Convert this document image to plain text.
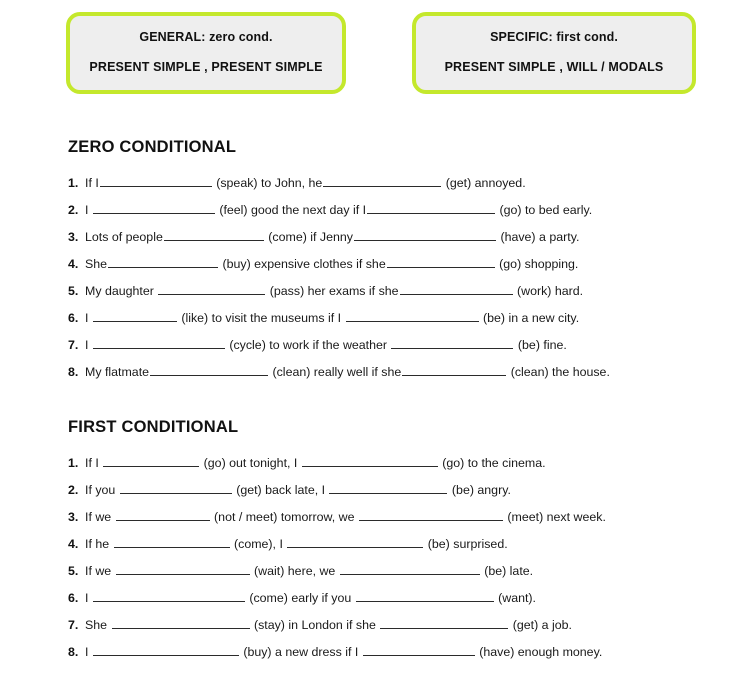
GENERAL: zero cond.
PRESENT SIMPLE , PRESENT SIMPLE
SPECIFIC: first cond.
PRESENT SIMPLE , WILL / MODALS
ZERO CONDITIONAL
1. If I	(speak) to John, he	(get) annoyed.
2. I	(feel) good the next day if I	(go) to bed early.
3. Lots of people	(come) if Jenny	(have) a party.
4. She	(buy) expensive clothes if she	(go) shopping.
5. My daughter	(pass) her exams if she	(work) hard.
6. I	(like) to visit the museums if I	(be) in a new city.
7. I	(cycle) to work if the weather	(be) fine.
8. My flatmate	(clean) really well if she	(clean) the house.
FIRST CONDITIONAL
1. If I	(go) out tonight, I	(go) to the cinema.
2. If you	(get) back late, I	(be) angry.
3. If we	(not / meet) tomorrow, we	(meet) next week.
4. If he	(come), I	(be) surprised.
5. If we	(wait) here, we	(be) late.
6. I	(come) early if you	(want).
7. She	(stay) in London if she	(get) a job.
8. I	(buy) a new dress if I	(have) enough money.
